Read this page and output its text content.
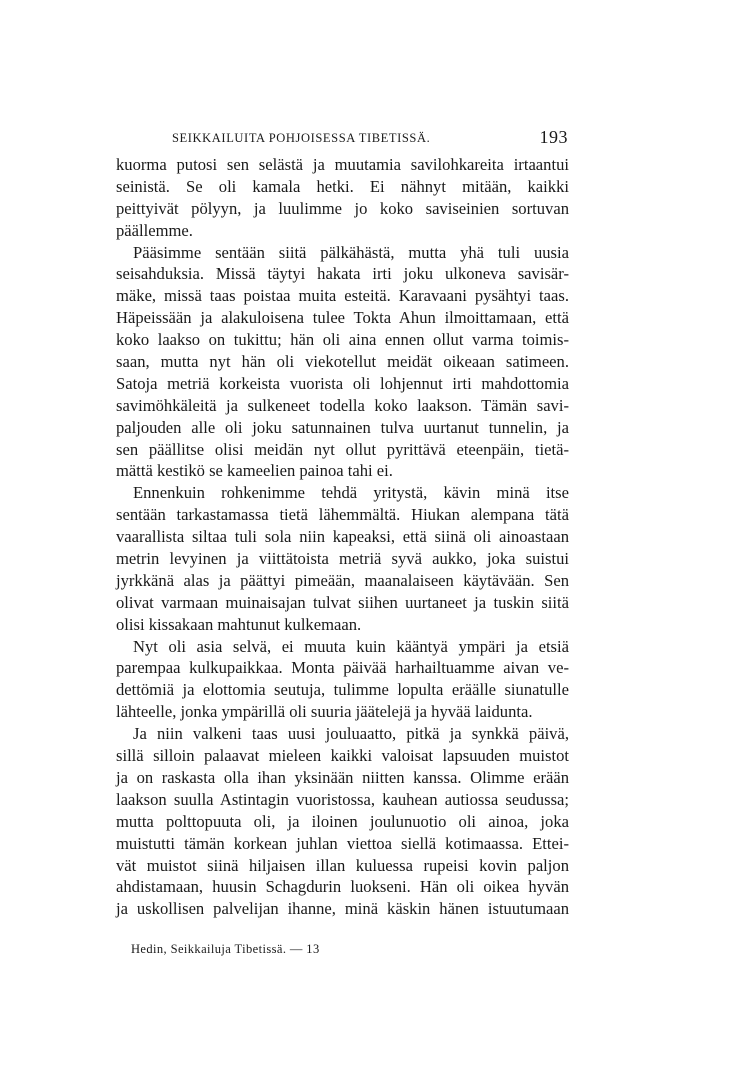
SEIKKAILUITA POHJOISESSA TIBETISSÄ.	193

kuorma putosi sen selästä ja muutamia savilohkareita irtaantui
seinistä. Se oli kamala hetki. Ei nähnyt mitään, kaikki
peittyivät pölyyn, ja luulimme jo koko saviseinien sortuvan
päällemme.

Pääsimme sentään siitä pälkähästä, mutta yhä tuli uusia
seisahduksia. Missä täytyi hakata irti joku ulkoneva savisär-
mäke, missä taas poistaa muita esteitä. Karavaani pysähtyi taas.
Häpeissään ja alakuloisena tulee Tokta Ahun ilmoittamaan, että
koko laakso on tukittu; hän oli aina ennen ollut varma toimis-
saan, mutta nyt hän oli viekotellut meidät oikeaan satimeen.
Satoja metriä korkeista vuorista oli lohjennut irti mahdottomia
savimöhkäleitä ja sulkeneet todella koko laakson. Tämän savi-
paljouden alle oli joku satunnainen tulva uurtanut tunnelin, ja
sen päällitse olisi meidän nyt ollut pyrittävä eteenpäin, tietä-
mättä kestikö se kameelien painoa tahi ei.

Ennenkuin rohkenimme tehdä yritystä, kävin minä itse
sentään tarkastamassa tietä lähemmältä. Hiukan alempana tätä
vaarallista siltaa tuli sola niin kapeaksi, että siinä oli ainoastaan
metrin levyinen ja viittätoista metriä syvä aukko, joka suistui
jyrkkänä alas ja päättyi pimeään, maanalaiseen käytävään. Sen
olivat varmaan muinaisajan tulvat siihen uurtaneet ja tuskin siitä
olisi kissakaan mahtunut kulkemaan.

Nyt oli asia selvä, ei muuta kuin kääntyä ympäri ja etsiä
parempaa kulkupaikkaa. Monta päivää harhailtuamme aivan ve-
dettömiä ja elottomia seutuja, tulimme lopulta eräälle siunatulle
lähteelle, jonka ympärillä oli suuria jäätelejä ja hyvää laidunta.

Ja niin valkeni taas uusi jouluaatto, pitkä ja synkkä päivä,
sillä silloin palaavat mieleen kaikki valoisat lapsuuden muistot
ja on raskasta olla ihan yksinään niitten kanssa. Olimme erään
laakson suulla Astintagin vuoristossa, kauhean autiossa seudussa;
mutta polttopuuta oli, ja iloinen joulunuotio oli ainoa, joka
muistutti tämän korkean juhlan viettoa siellä kotimaassa. Ettei-
vät muistot siinä hiljaisen illan kuluessa rupeisi kovin paljon
ahdistamaan, huusin Schagdurin luokseni. Hän oli oikea hyvän
ja uskollisen palvelijan ihanne, minä käskin hänen istuutumaan

Hedin, Seikkailuja Tibetissä. — 13
